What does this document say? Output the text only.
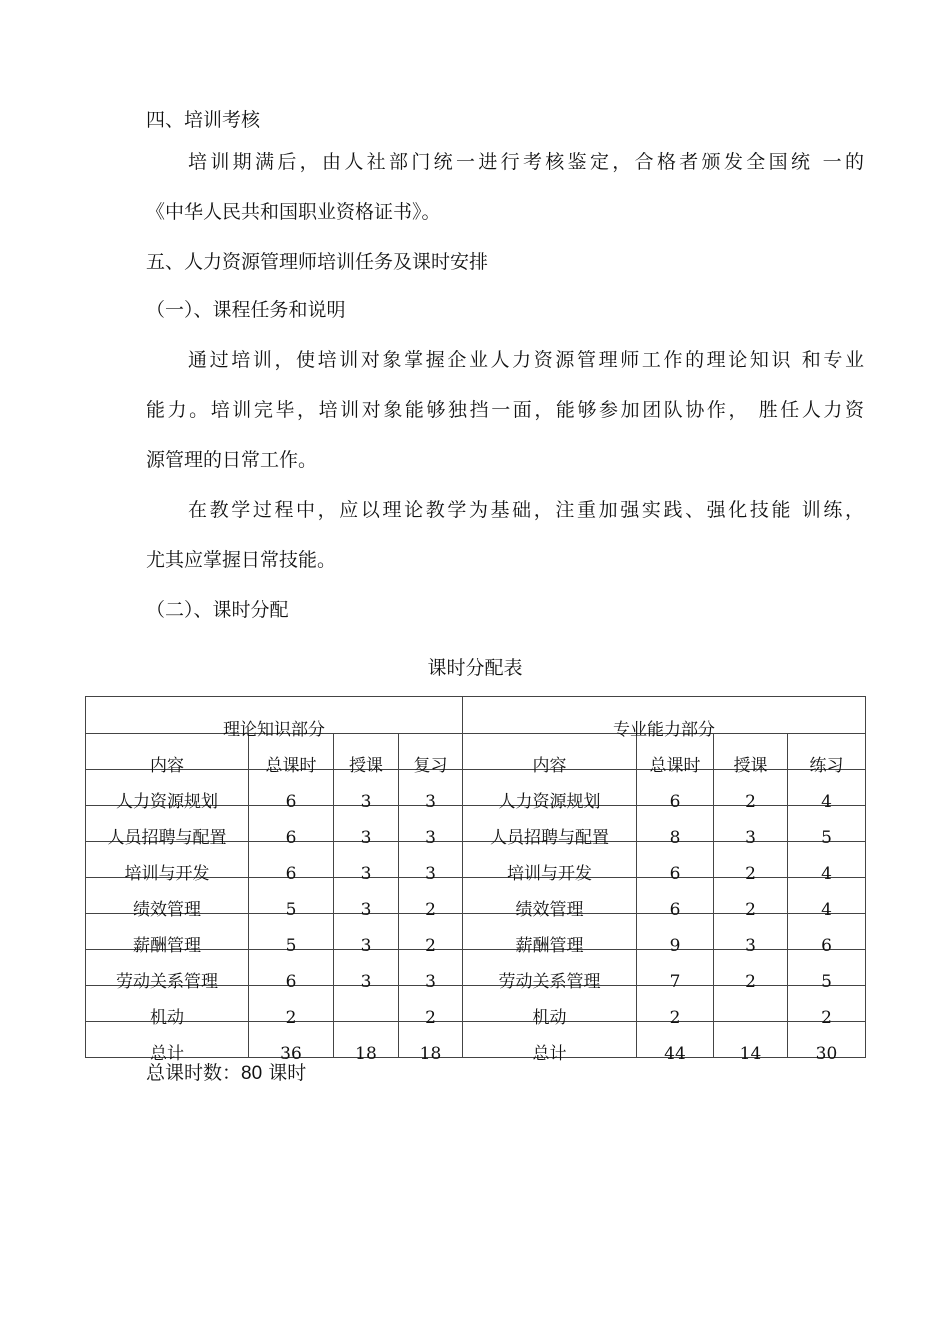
四、培训考核
培训期满后，由人社部门统一进行考核鉴定，合格者颁发全国统 一的
《中华人民共和国职业资格证书》。
五、人力资源管理师培训任务及课时安排
（一）、课程任务和说明
通过培训，使培训对象掌握企业人力资源管理师工作的理论知识 和专业
能力。培训完毕，培训对象能够独挡一面，能够参加团队协作， 胜任人力资
源管理的日常工作。
在教学过程中，应以理论教学为基础，注重加强实践、强化技能 训练，
尤其应掌握日常技能。
（二）、课时分配
课时分配表
理论知识部分				专业能力部分			
内容	总课时	授课	复习	内容	总课时	授课	练习
人力资源规划	6	3	3	人力资源规划	6	2	4
人员招聘与配置	6	3	3	人员招聘与配置	8	3	5
培训与开发	6	3	3	培训与开发	6	2	4
绩效管理	5	3	2	绩效管理	6	2	4
薪酬管理	5	3	2	薪酬管理	9	3	6
劳动关系管理	6	3	3	劳动关系管理	7	2	5
机动	2		2	机动	2		2
总计	36	18	18	总计	44	14	30
总课时数：80 课时
